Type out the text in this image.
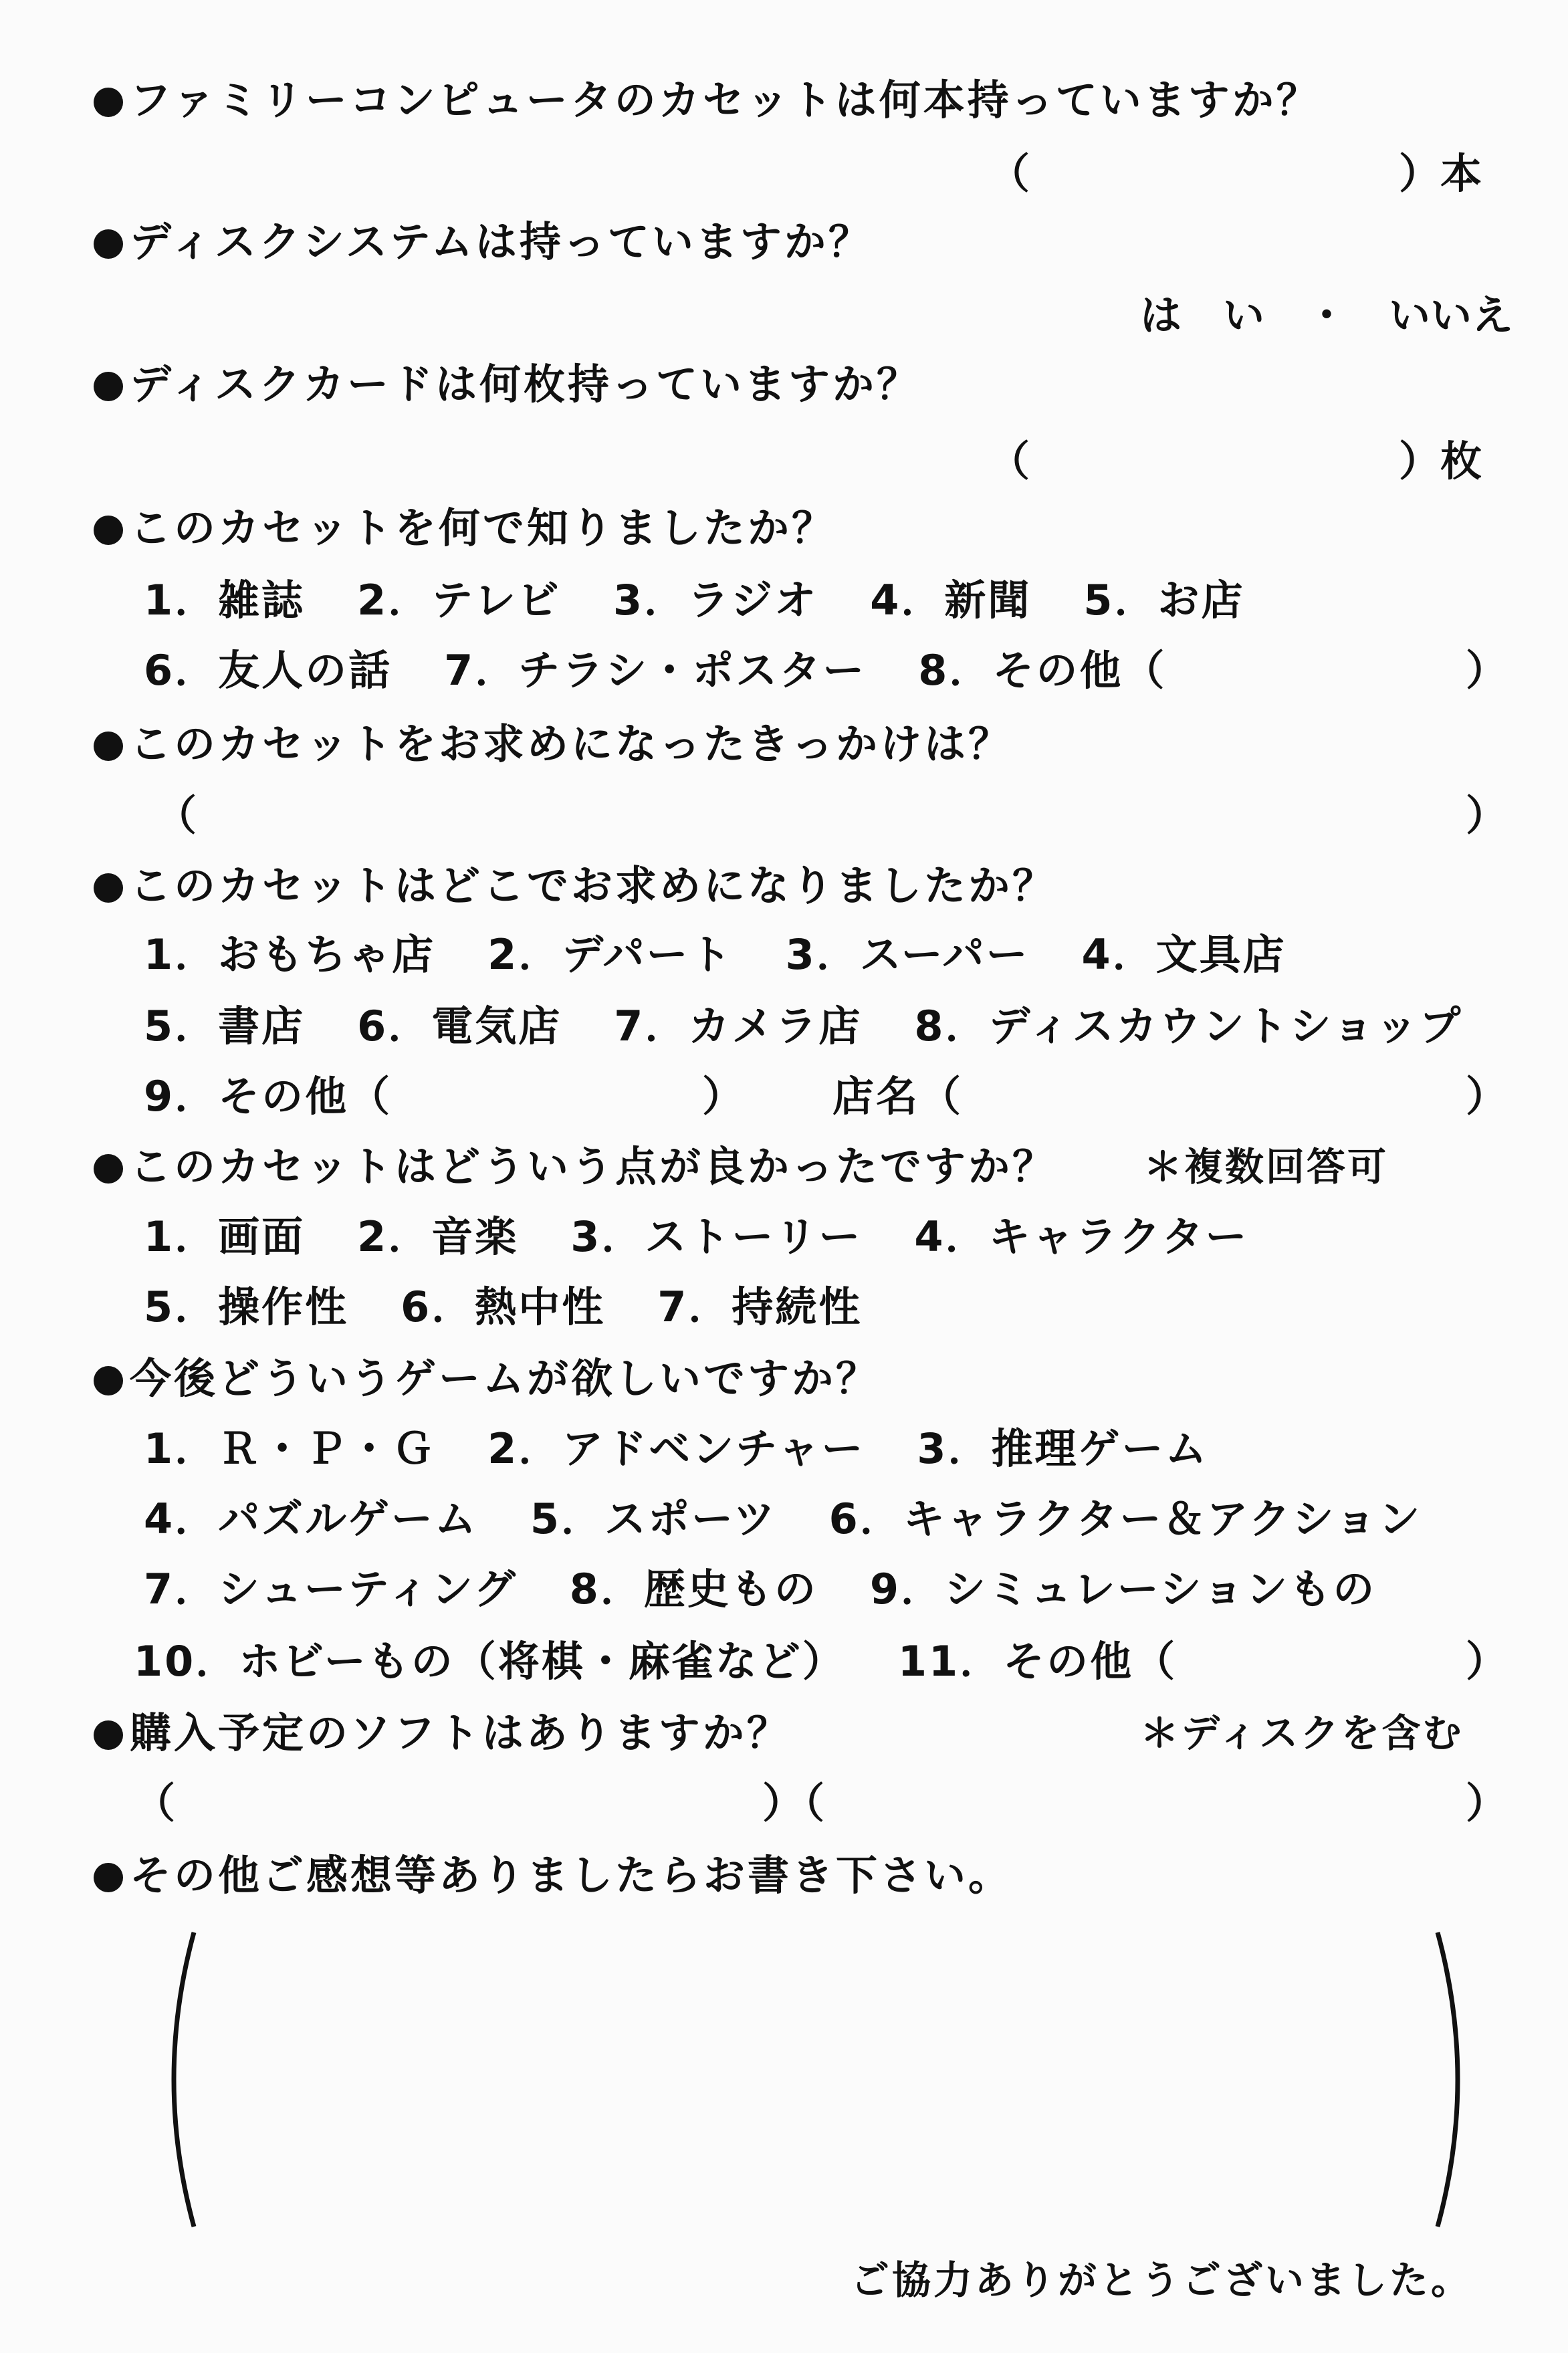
ファミリーコンピュータのカセットは何本持っていますか？
（	）本
ディスクシステムは持っていますか？
は　い　・　いいえ
ディスクカードは何枚持っていますか？
（	）枚
このカセットを何で知りましたか？
1．雑誌 2．テレビ 3．ラジオ 4．新聞 5．お店
6．友人の話 7．チラシ・ポスター 8．その他（	）
このカセットをお求めになったきっかけは？
（	）
このカセットはどこでお求めになりましたか？
1．おもちゃ店 2．デパート 3．スーパー 4．文具店
5．書店 6．電気店 7．カメラ店 8．ディスカウントショップ
9．その他（	） 店名（	）
このカセットはどういう点が良かったですか？ ＊複数回答可
1．画面 2．音楽 3．ストーリー 4．キャラクター
5．操作性 6．熱中性 7．持続性
今後どういうゲームが欲しいですか？
1．Ｒ・Ｐ・Ｇ 2．アドベンチャー 3．推理ゲーム
4．パズルゲーム 5．スポーツ 6．キャラクター＆アクション
7．シューティング 8．歴史もの 9．シミュレーションもの
10．ホビーもの（将棋・麻雀など） 11．その他（	）
購入予定のソフトはありますか？	＊ディスクを含む
（	）（	）
その他ご感想等ありましたらお書き下さい。
ご協力ありがとうございました。
